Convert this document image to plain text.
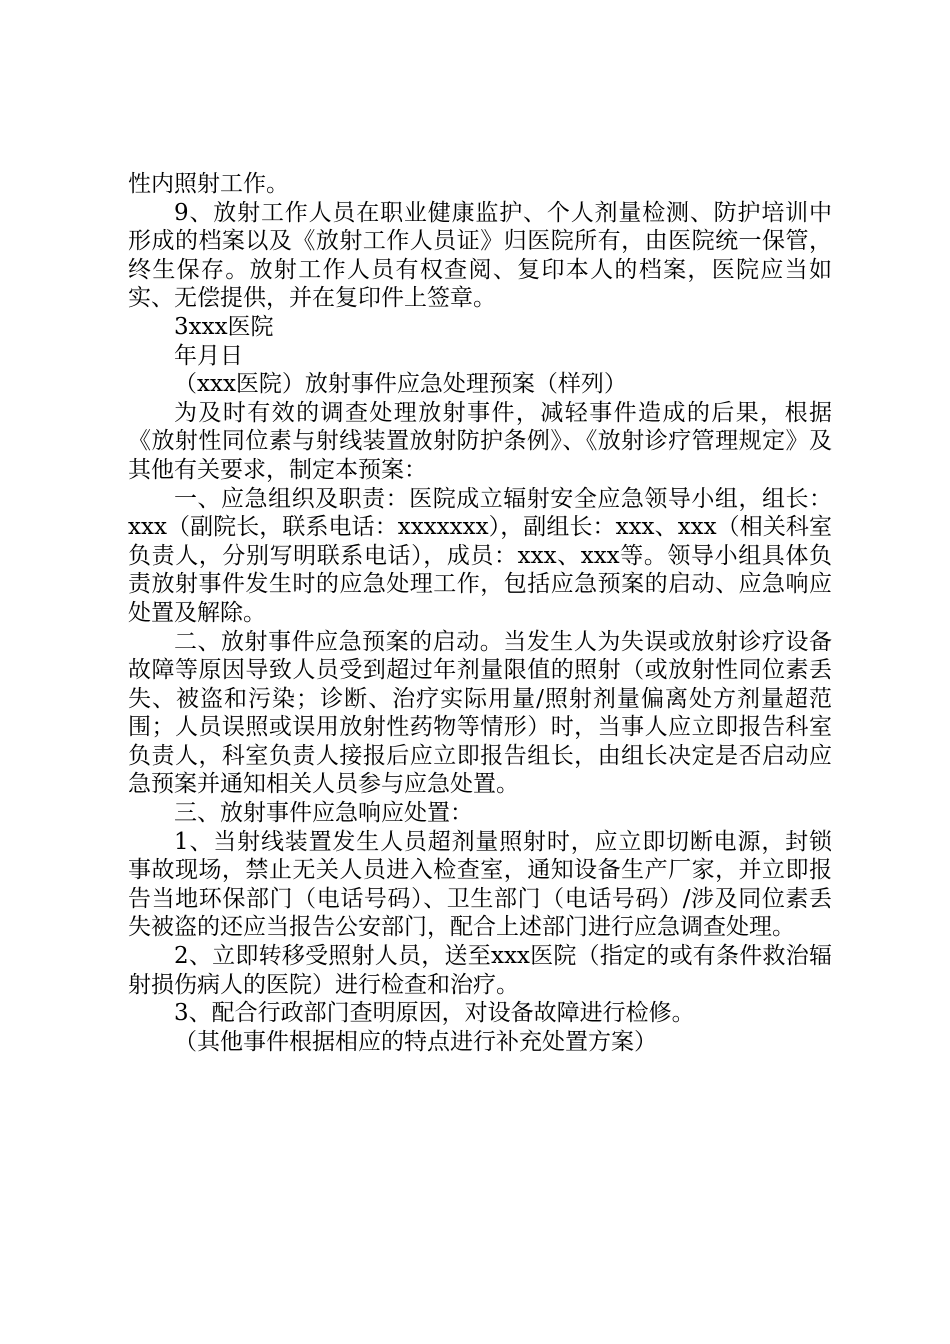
性内照射工作。

9、放射工作人员在职业健康监护、个人剂量检测、防护培训中形成的档案以及《放射工作人员证》归医院所有，由医院统一保管，终生保存。放射工作人员有权查阅、复印本人的档案，医院应当如实、无偿提供，并在复印件上签章。

3xxx医院

年月日

（xxx医院）放射事件应急处理预案（样列）

为及时有效的调查处理放射事件，减轻事件造成的后果，根据《放射性同位素与射线装置放射防护条例》、《放射诊疗管理规定》及其他有关要求，制定本预案：

一、应急组织及职责：医院成立辐射安全应急领导小组，组长：xxx（副院长，联系电话：xxxxxxx），副组长：xxx、xxx（相关科室负责人，分别写明联系电话），成员：xxx、xxx等。领导小组具体负责放射事件发生时的应急处理工作，包括应急预案的启动、应急响应处置及解除。

二、放射事件应急预案的启动。当发生人为失误或放射诊疗设备故障等原因导致人员受到超过年剂量限值的照射（或放射性同位素丢失、被盗和污染；诊断、治疗实际用量/照射剂量偏离处方剂量超范围；人员误照或误用放射性药物等情形）时，当事人应立即报告科室负责人，科室负责人接报后应立即报告组长，由组长决定是否启动应急预案并通知相关人员参与应急处置。

三、放射事件应急响应处置：

1、当射线装置发生人员超剂量照射时，应立即切断电源，封锁事故现场，禁止无关人员进入检查室，通知设备生产厂家，并立即报告当地环保部门（电话号码）、卫生部门（电话号码）/涉及同位素丢失被盗的还应当报告公安部门，配合上述部门进行应急调查处理。

2、立即转移受照射人员，送至xxx医院（指定的或有条件救治辐射损伤病人的医院）进行检查和治疗。

3、配合行政部门查明原因，对设备故障进行检修。

（其他事件根据相应的特点进行补充处置方案）
